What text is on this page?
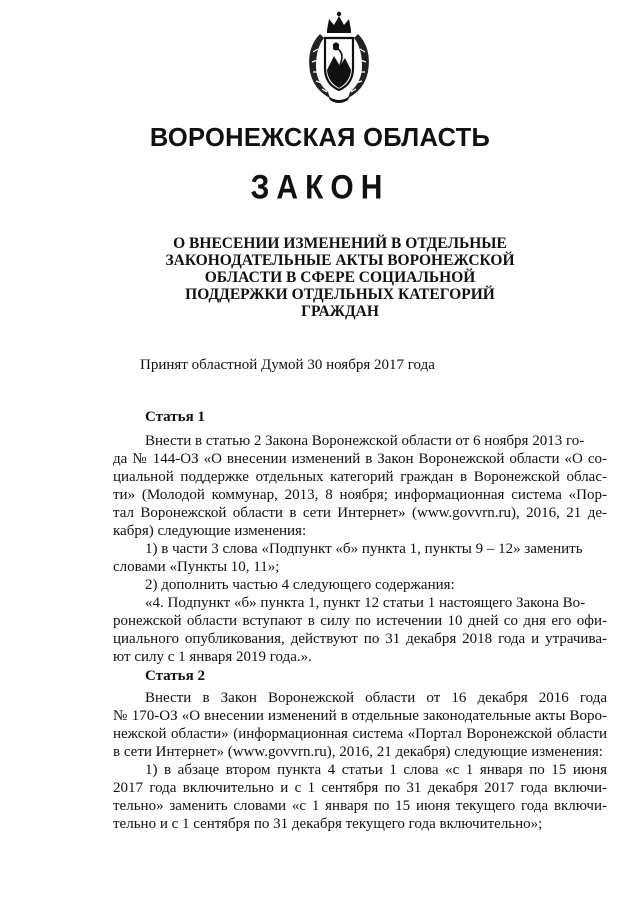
ВОРОНЕЖСКАЯ ОБЛАСТЬ
ЗАКОН
О ВНЕСЕНИИ ИЗМЕНЕНИЙ В ОТДЕЛЬНЫЕ
ЗАКОНОДАТЕЛЬНЫЕ АКТЫ ВОРОНЕЖСКОЙ
ОБЛАСТИ В СФЕРЕ СОЦИАЛЬНОЙ
ПОДДЕРЖКИ ОТДЕЛЬНЫХ КАТЕГОРИЙ
ГРАЖДАН
Принят областной Думой 30 ноября 2017 года
Статья 1
Внести в статью 2 Закона Воронежской области от 6 ноября 2013 го-
да № 144-ОЗ «О внесении изменений в Закон Воронежской области «О со-
циальной поддержке отдельных категорий граждан в Воронежской облас-
ти» (Молодой коммунар, 2013, 8 ноября; информационная система «Пор-
тал Воронежской области в сети Интернет» (www.govvrn.ru), 2016, 21 де-
кабря) следующие изменения:
1) в части 3 слова «Подпункт «б» пункта 1, пункты 9 – 12» заменить
словами «Пункты 10, 11»;
2) дополнить частью 4 следующего содержания:
«4. Подпункт «б» пункта 1, пункт 12 статьи 1 настоящего Закона Во-
ронежской области вступают в силу по истечении 10 дней со дня его офи-
циального опубликования, действуют по 31 декабря 2018 года и утрачива-
ют силу с 1 января 2019 года.».
Статья 2
Внести в Закон Воронежской области от 16 декабря 2016 года
№ 170-ОЗ «О внесении изменений в отдельные законодательные акты Воро-
нежской области» (информационная система «Портал Воронежской области
в сети Интернет» (www.govvrn.ru), 2016, 21 декабря) следующие изменения:
1) в абзаце втором пункта 4 статьи 1 слова «с 1 января по 15 июня
2017 года включительно и с 1 сентября по 31 декабря 2017 года включи-
тельно» заменить словами «с 1 января по 15 июня текущего года включи-
тельно и с 1 сентября по 31 декабря текущего года включительно»;
